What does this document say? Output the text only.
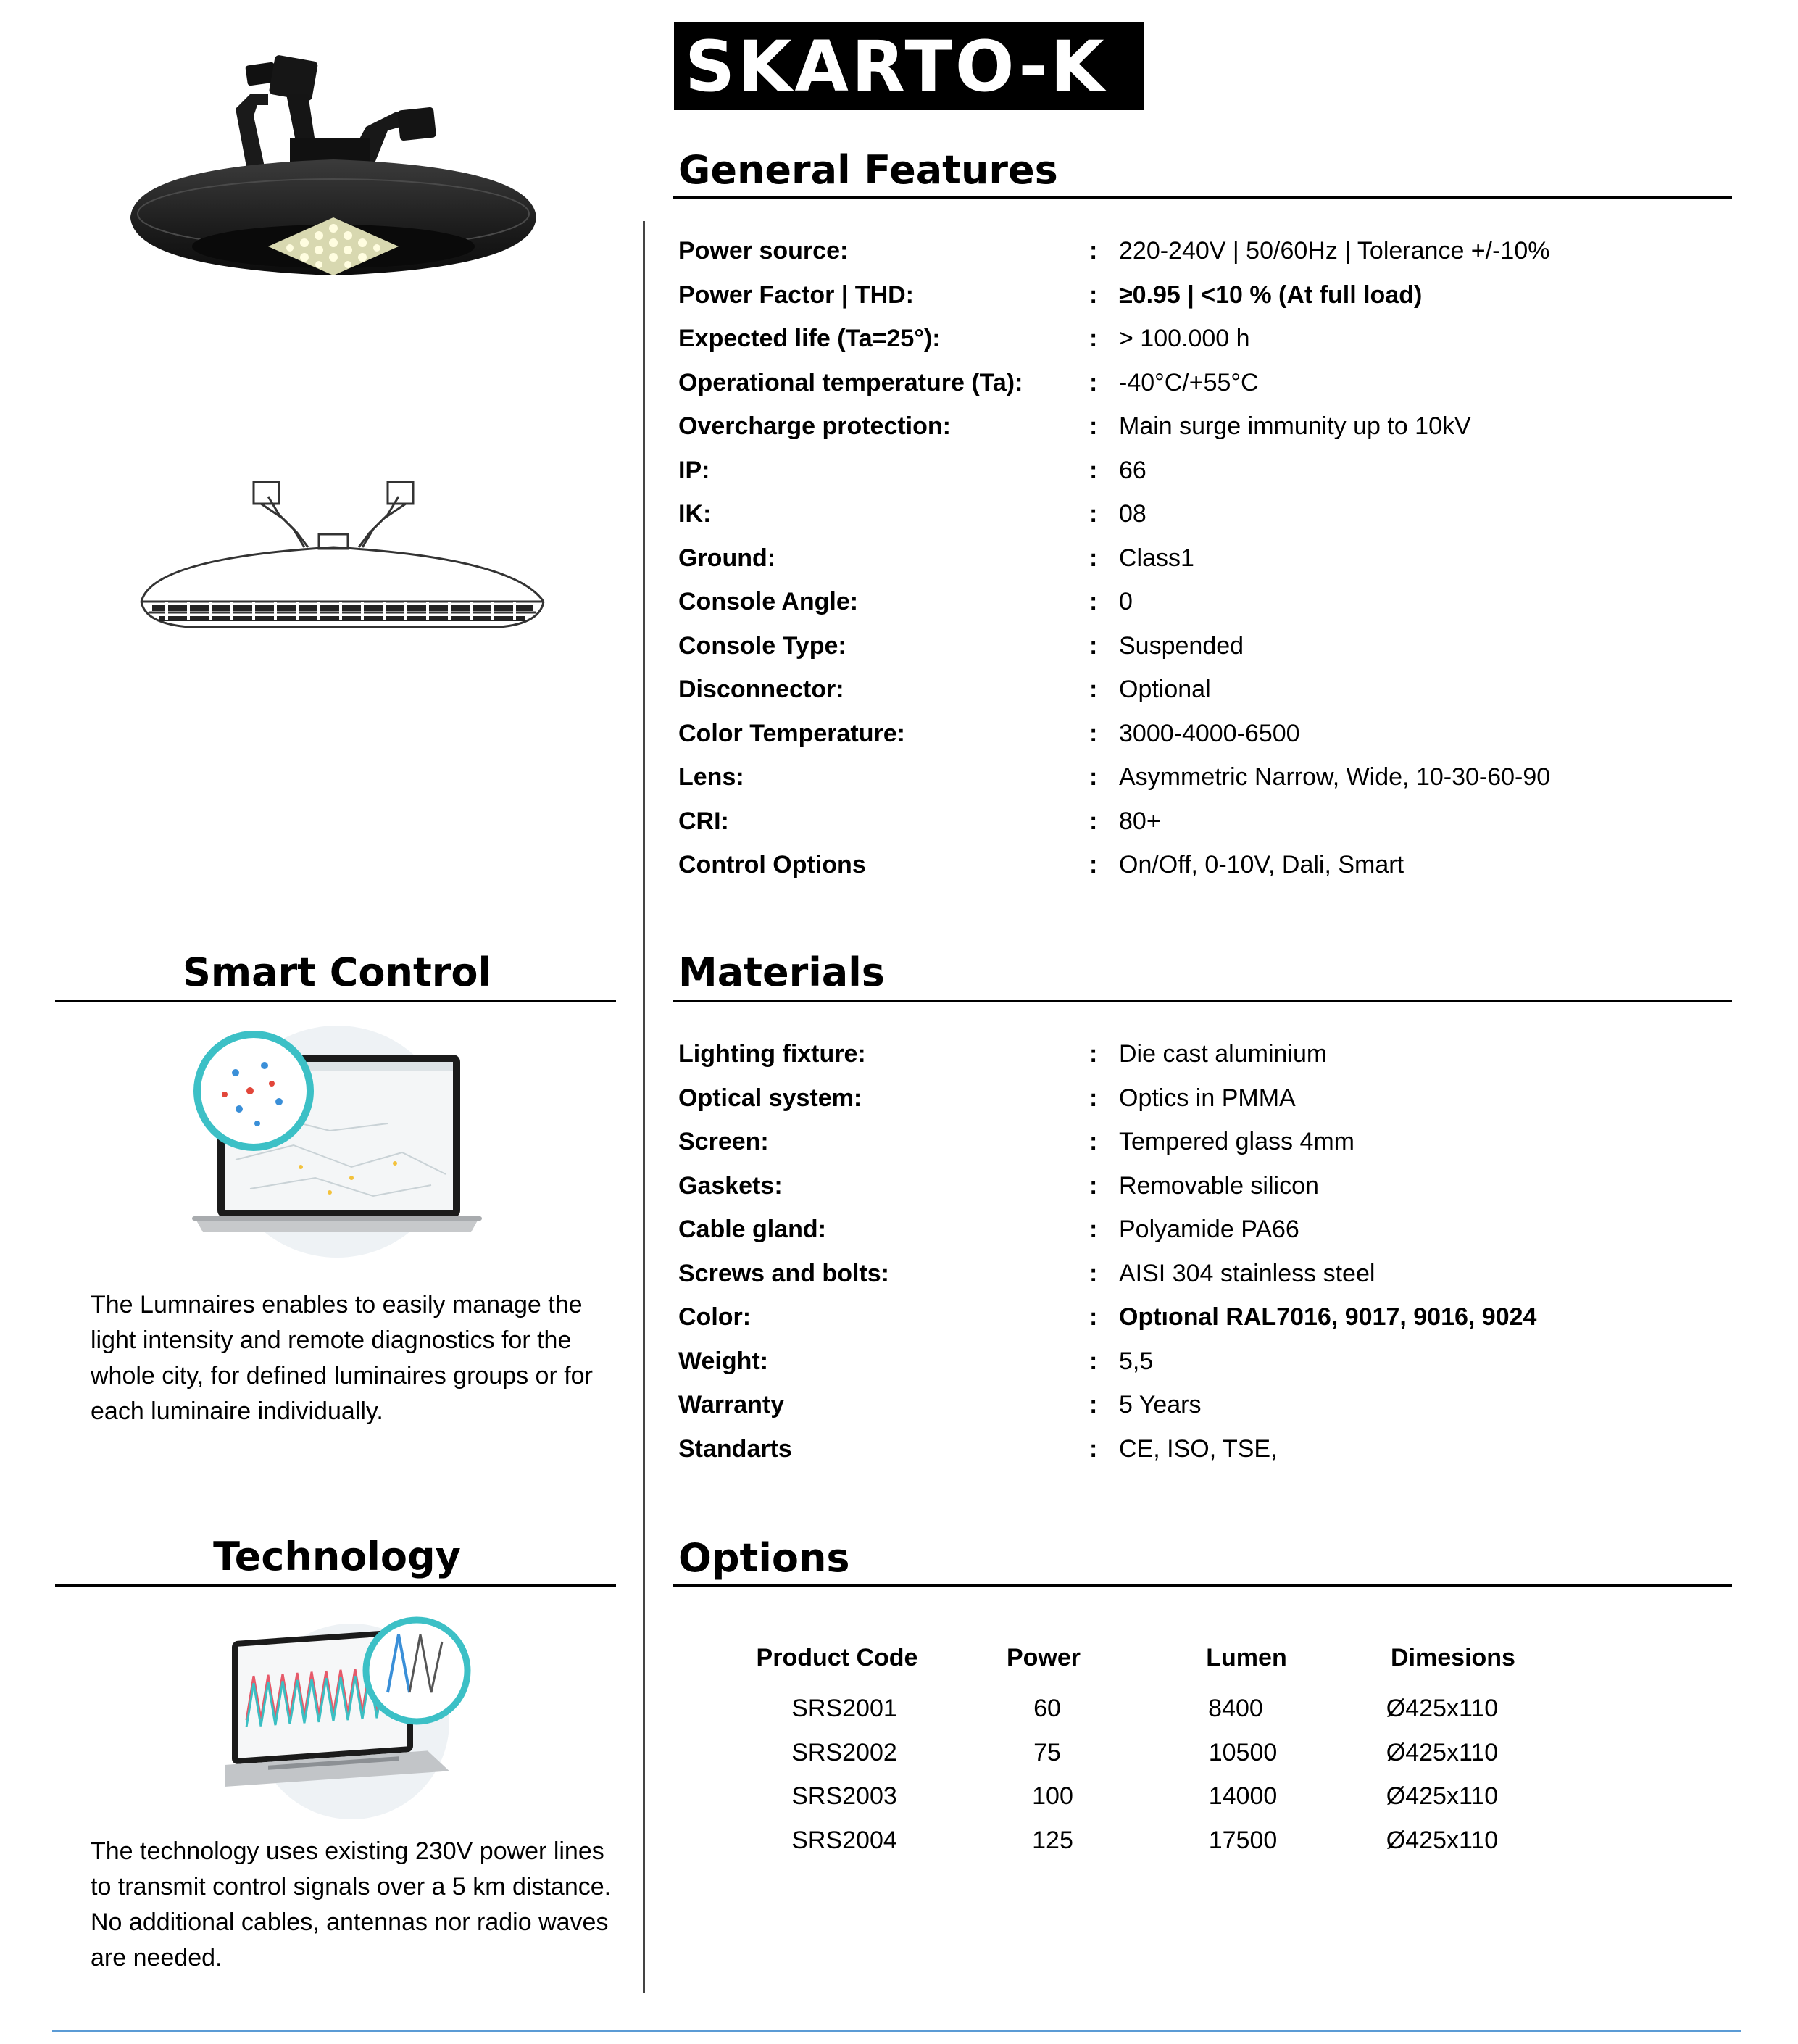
SKARTO-K
General Features
Power source:	: 220-240V | 50/60Hz | Tolerance +/-10%
Power Factor | THD:	: ≥0.95 | <10 % (At full load)
Expected life (Ta=25°):	: > 100.000 h
Operational temperature (Ta):	: -40°C/+55°C
Overcharge protection:	: Main surge immunity up to 10kV
IP:	: 66
IK:	: 08
Ground:	: Class1
Console Angle:	: 0
Console Type:	: Suspended
Disconnector:	: Optional
Color Temperature:	: 3000-4000-6500
Lens:	: Asymmetric Narrow, Wide, 10-30-60-90
CRI:	: 80+
Control Options	: On/Off, 0-10V, Dali, Smart
Materials
Lighting fixture:	: Die cast aluminium
Optical system:	: Optics in PMMA
Screen:	: Tempered glass 4mm
Gaskets:	: Removable silicon
Cable gland:	: Polyamide PA66
Screws and bolts:	: AISI 304 stainless steel
Color:	: Optıonal RAL7016, 9017, 9016, 9024
Weight:	: 5,5
Warranty	: 5 Years
Standarts	: CE, ISO, TSE,
Options
Product Code	Power	Lumen	Dimesions
SRS2001	60	8400	Ø425x110
SRS2002	75	10500	Ø425x110
SRS2003	100	14000	Ø425x110
SRS2004	125	17500	Ø425x110
Smart Control
The Lumnaires enables to easily manage the light intensity and remote diagnostics for the whole city, for defined luminaires groups or for each luminaire individually.
Technology
The technology uses existing 230V power lines to transmit control signals over a 5 km distance. No additional cables, antennas nor radio waves are needed.
